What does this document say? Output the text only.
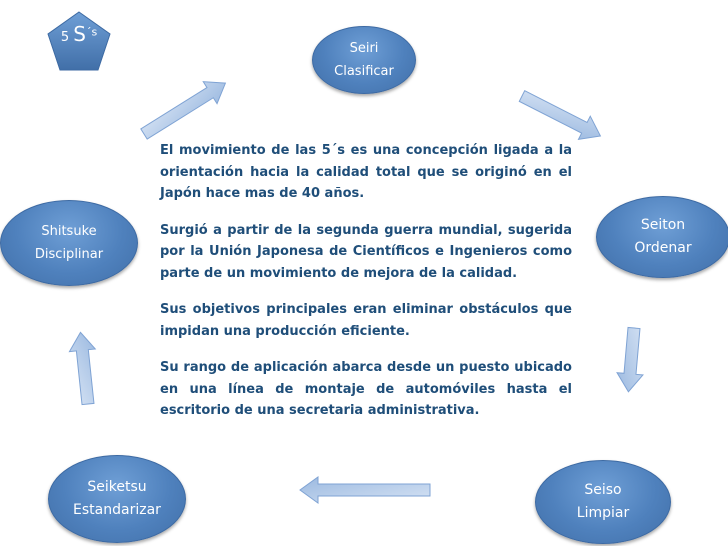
5 $S^{´s}$
Seiri
Clasificar
Seiton
Ordenar
Seiso
Limpiar
Seiketsu
Estandarizar
Shitsuke
Disciplinar

El movimiento de las 5´s es una concepción ligada a la orientación hacia la calidad total que se originó en el Japón hace mas de 40 años.

Surgió a partir de la segunda guerra mundial, sugerida por la Unión Japonesa de Científicos e Ingenieros como parte de un movimiento de mejora de la calidad.

Sus objetivos principales eran eliminar obstáculos que impidan una producción eficiente.

Su rango de aplicación abarca desde un puesto ubicado en una línea de montaje de automóviles hasta el escritorio de una secretaria administrativa.
